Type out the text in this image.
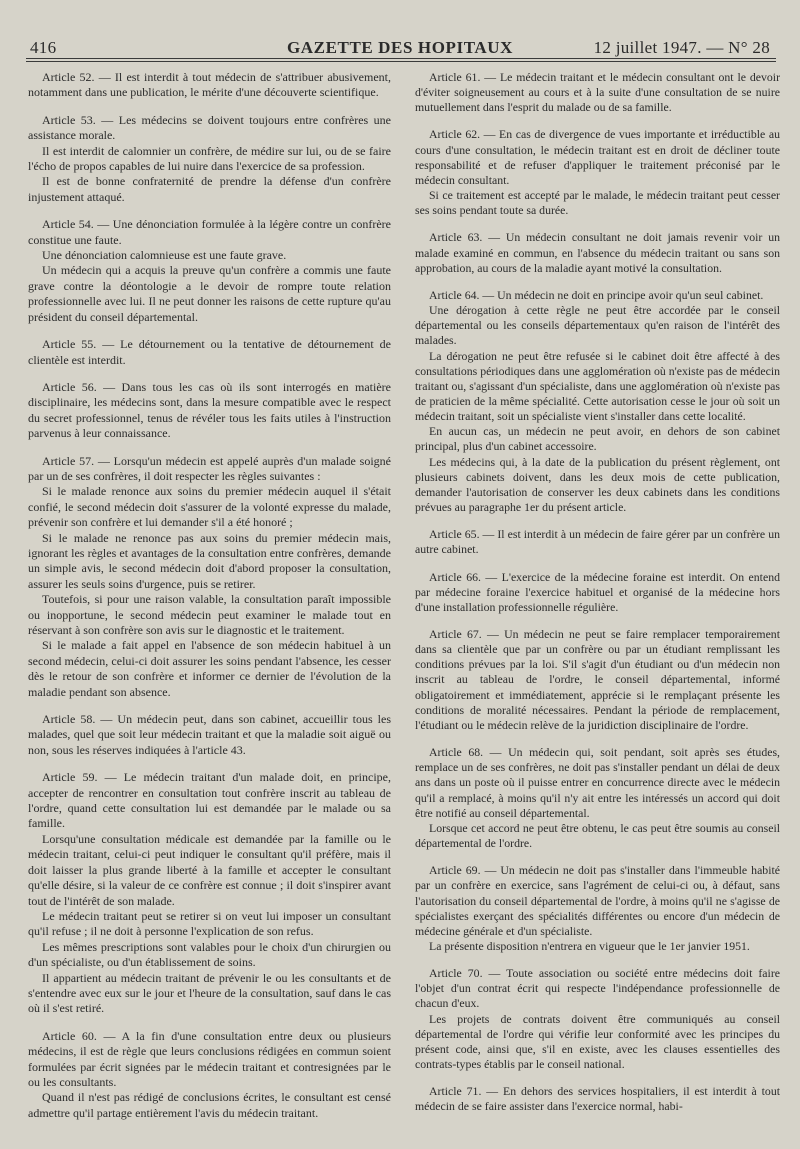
416	GAZETTE DES HOPITAUX	12 juillet 1947. — N° 28

Article 52. — Il est interdit à tout médecin de s'attribuer abusivement, notamment dans une publication, le mérite d'une découverte scientifique.

Article 53. — Les médecins se doivent toujours entre confrères une assistance morale.

Il est interdit de calomnier un confrère, de médire sur lui, ou de se faire l'écho de propos capables de lui nuire dans l'exercice de sa profession.

Il est de bonne confraternité de prendre la défense d'un confrère injustement attaqué.

Article 54. — Une dénonciation formulée à la légère contre un confrère constitue une faute.

Une dénonciation calomnieuse est une faute grave.

Un médecin qui a acquis la preuve qu'un confrère a commis une faute grave contre la déontologie a le devoir de rompre toute relation professionnelle avec lui. Il ne peut donner les raisons de cette rupture qu'au président du conseil départemental.

Article 55. — Le détournement ou la tentative de détournement de clientèle est interdit.

Article 56. — Dans tous les cas où ils sont interrogés en matière disciplinaire, les médecins sont, dans la mesure compatible avec le respect du secret professionnel, tenus de révéler tous les faits utiles à l'instruction parvenus à leur connaissance.

Article 57. — Lorsqu'un médecin est appelé auprès d'un malade soigné par un de ses confrères, il doit respecter les règles suivantes :

Si le malade renonce aux soins du premier médecin auquel il s'était confié, le second médecin doit s'assurer de la volonté expresse du malade, prévenir son confrère et lui demander s'il a été honoré ;

Si le malade ne renonce pas aux soins du premier médecin mais, ignorant les règles et avantages de la consultation entre confrères, demande un simple avis, le second médecin doit d'abord proposer la consultation, assurer les seuls soins d'urgence, puis se retirer.

Toutefois, si pour une raison valable, la consultation paraît impossible ou inopportune, le second médecin peut examiner le malade tout en réservant à son confrère son avis sur le diagnostic et le traitement.

Si le malade a fait appel en l'absence de son médecin habituel à un second médecin, celui-ci doit assurer les soins pendant l'absence, les cesser dès le retour de son confrère et informer ce dernier de l'évolution de la maladie pendant son absence.

Article 58. — Un médecin peut, dans son cabinet, accueillir tous les malades, quel que soit leur médecin traitant et que la maladie soit aiguë ou non, sous les réserves indiquées à l'article 43.

Article 59. — Le médecin traitant d'un malade doit, en principe, accepter de rencontrer en consultation tout confrère inscrit au tableau de l'ordre, quand cette consultation lui est demandée par le malade ou sa famille.

Lorsqu'une consultation médicale est demandée par la famille ou le médecin traitant, celui-ci peut indiquer le consultant qu'il préfère, mais il doit laisser la plus grande liberté à la famille et accepter le consultant qu'elle désire, si la valeur de ce confrère est connue ; il doit s'inspirer avant tout de l'intérêt de son malade.

Le médecin traitant peut se retirer si on veut lui imposer un consultant qu'il refuse ; il ne doit à personne l'explication de son refus.

Les mêmes prescriptions sont valables pour le choix d'un chirurgien ou d'un spécialiste, ou d'un établissement de soins.

Il appartient au médecin traitant de prévenir le ou les consultants et de s'entendre avec eux sur le jour et l'heure de la consultation, sauf dans le cas où il s'est retiré.

Article 60. — A la fin d'une consultation entre deux ou plusieurs médecins, il est de règle que leurs conclusions rédigées en commun soient formulées par écrit signées par le médecin traitant et contresignées par le ou les consultants.

Quand il n'est pas rédigé de conclusions écrites, le consultant est censé admettre qu'il partage entièrement l'avis du médecin traitant.

Article 61. — Le médecin traitant et le médecin consultant ont le devoir d'éviter soigneusement au cours et à la suite d'une consultation de se nuire mutuellement dans l'esprit du malade ou de sa famille.

Article 62. — En cas de divergence de vues importante et irréductible au cours d'une consultation, le médecin traitant est en droit de décliner toute responsabilité et de refuser d'appliquer le traitement préconisé par le médecin consultant.

Si ce traitement est accepté par le malade, le médecin traitant peut cesser ses soins pendant toute sa durée.

Article 63. — Un médecin consultant ne doit jamais revenir voir un malade examiné en commun, en l'absence du médecin traitant ou sans son approbation, au cours de la maladie ayant motivé la consultation.

Article 64. — Un médecin ne doit en principe avoir qu'un seul cabinet.

Une dérogation à cette règle ne peut être accordée par le conseil départemental ou les conseils départementaux qu'en raison de l'intérêt des malades.

La dérogation ne peut être refusée si le cabinet doit être affecté à des consultations périodiques dans une agglomération où n'existe pas de médecin traitant ou, s'agissant d'un spécialiste, dans une agglomération où n'existe pas de praticien de la même spécialité. Cette autorisation cesse le jour où soit un médecin traitant, soit un spécialiste vient s'installer dans cette localité.

En aucun cas, un médecin ne peut avoir, en dehors de son cabinet principal, plus d'un cabinet accessoire.

Les médecins qui, à la date de la publication du présent règlement, ont plusieurs cabinets doivent, dans les deux mois de cette publication, demander l'autorisation de conserver les deux cabinets dans les conditions prévues au paragraphe 1er du présent article.

Article 65. — Il est interdit à un médecin de faire gérer par un confrère un autre cabinet.

Article 66. — L'exercice de la médecine foraine est interdit. On entend par médecine foraine l'exercice habituel et organisé de la médecine hors d'une installation professionnelle régulière.

Article 67. — Un médecin ne peut se faire remplacer temporairement dans sa clientèle que par un confrère ou par un étudiant remplissant les conditions prévues par la loi. S'il s'agit d'un étudiant ou d'un médecin non inscrit au tableau de l'ordre, le conseil départemental, informé obligatoirement et immédiatement, apprécie si le remplaçant présente les conditions de moralité nécessaires. Pendant la période de remplacement, l'étudiant ou le médecin relève de la juridiction disciplinaire de l'ordre.

Article 68. — Un médecin qui, soit pendant, soit après ses études, remplace un de ses confrères, ne doit pas s'installer pendant un délai de deux ans dans un poste où il puisse entrer en concurrence directe avec le médecin qu'il a remplacé, à moins qu'il n'y ait entre les intéressés un accord qui doit être notifié au conseil départemental.

Lorsque cet accord ne peut être obtenu, le cas peut être soumis au conseil départemental de l'ordre.

Article 69. — Un médecin ne doit pas s'installer dans l'immeuble habité par un confrère en exercice, sans l'agrément de celui-ci ou, à défaut, sans l'autorisation du conseil départemental de l'ordre, à moins qu'il ne s'agisse de spécialistes exerçant des spécialités différentes ou encore d'un médecin de médecine générale et d'un spécialiste.

La présente disposition n'entrera en vigueur que le 1er janvier 1951.

Article 70. — Toute association ou société entre médecins doit faire l'objet d'un contrat écrit qui respecte l'indépendance professionnelle de chacun d'eux.

Les projets de contrats doivent être communiqués au conseil départemental de l'ordre qui vérifie leur conformité avec les principes du présent code, ainsi que, s'il en existe, avec les clauses essentielles des contrats-types établis par le conseil national.

Article 71. — En dehors des services hospitaliers, il est interdit à tout médecin de se faire assister dans l'exercice normal, habi-
